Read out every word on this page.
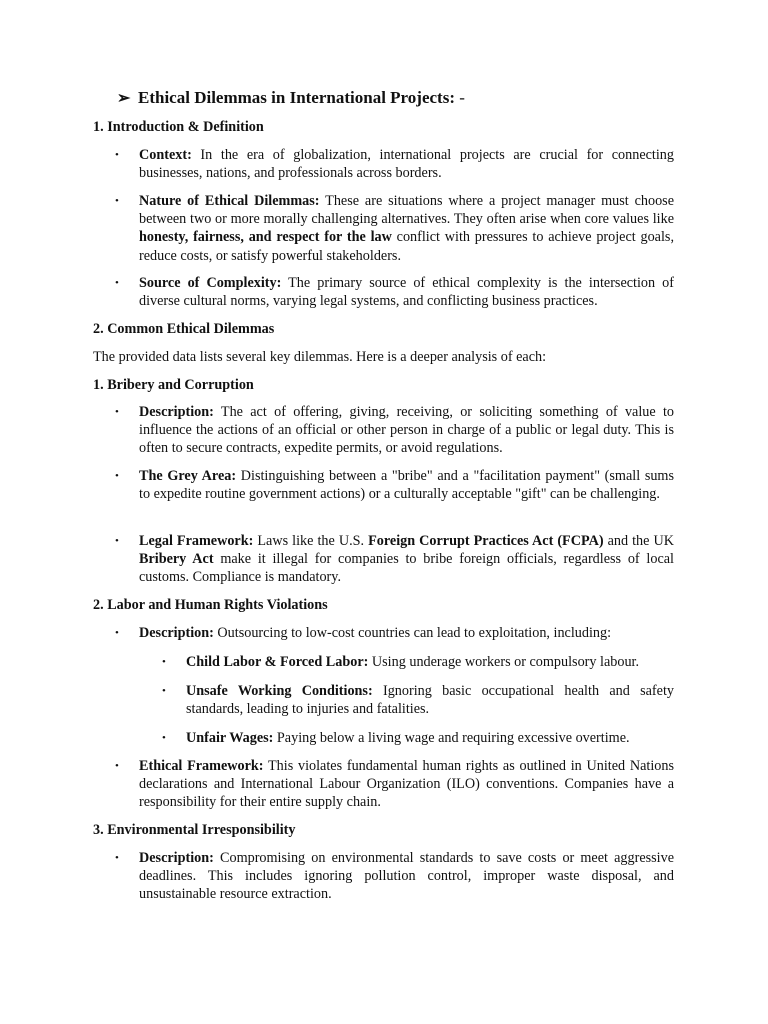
➢ Ethical Dilemmas in International Projects: -
1. Introduction & Definition
• Context: In the era of globalization, international projects are crucial for connecting businesses, nations, and professionals across borders.
• Nature of Ethical Dilemmas: These are situations where a project manager must choose between two or more morally challenging alternatives. They often arise when core values like honesty, fairness, and respect for the law conflict with pressures to achieve project goals, reduce costs, or satisfy powerful stakeholders.
• Source of Complexity: The primary source of ethical complexity is the intersection of diverse cultural norms, varying legal systems, and conflicting business practices.
2. Common Ethical Dilemmas
The provided data lists several key dilemmas. Here is a deeper analysis of each:
1. Bribery and Corruption
• Description: The act of offering, giving, receiving, or soliciting something of value to influence the actions of an official or other person in charge of a public or legal duty. This is often to secure contracts, expedite permits, or avoid regulations.
• The Grey Area: Distinguishing between a "bribe" and a "facilitation payment" (small sums to expedite routine government actions) or a culturally acceptable "gift" can be challenging.
• Legal Framework: Laws like the U.S. Foreign Corrupt Practices Act (FCPA) and the UK Bribery Act make it illegal for companies to bribe foreign officials, regardless of local customs. Compliance is mandatory.
2. Labor and Human Rights Violations
• Description: Outsourcing to low-cost countries can lead to exploitation, including:
• Child Labor & Forced Labor: Using underage workers or compulsory labour.
• Unsafe Working Conditions: Ignoring basic occupational health and safety standards, leading to injuries and fatalities.
• Unfair Wages: Paying below a living wage and requiring excessive overtime.
• Ethical Framework: This violates fundamental human rights as outlined in United Nations declarations and International Labour Organization (ILO) conventions. Companies have a responsibility for their entire supply chain.
3. Environmental Irresponsibility
• Description: Compromising on environmental standards to save costs or meet aggressive deadlines. This includes ignoring pollution control, improper waste disposal, and unsustainable resource extraction.
